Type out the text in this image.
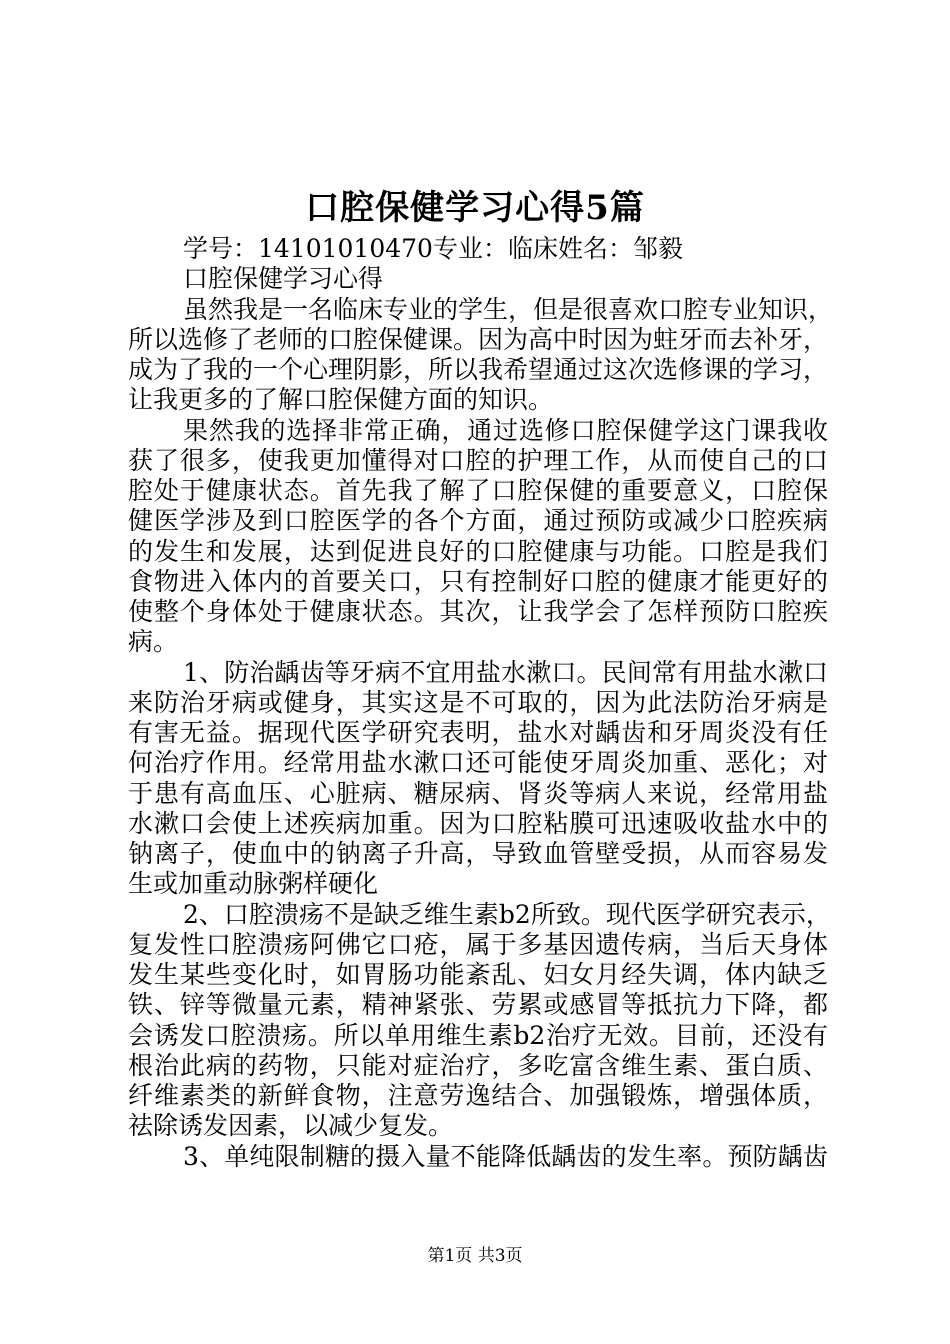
口腔保健学习心得5篇
学号：14101010470专业：临床姓名：邹毅
口腔保健学习心得
虽然我是一名临床专业的学生，但是很喜欢口腔专业知识，
所以选修了老师的口腔保健课。因为高中时因为蛀牙而去补牙，
成为了我的一个心理阴影，所以我希望通过这次选修课的学习，
让我更多的了解口腔保健方面的知识。
果然我的选择非常正确，通过选修口腔保健学这门课我收
获了很多，使我更加懂得对口腔的护理工作，从而使自己的口
腔处于健康状态。首先我了解了口腔保健的重要意义，口腔保
健医学涉及到口腔医学的各个方面，通过预防或减少口腔疾病
的发生和发展，达到促进良好的口腔健康与功能。口腔是我们
食物进入体内的首要关口，只有控制好口腔的健康才能更好的
使整个身体处于健康状态。其次，让我学会了怎样预防口腔疾
病。
1、防治龋齿等牙病不宜用盐水漱口。民间常有用盐水漱口
来防治牙病或健身，其实这是不可取的，因为此法防治牙病是
有害无益。据现代医学研究表明，盐水对龋齿和牙周炎没有任
何治疗作用。经常用盐水漱口还可能使牙周炎加重、恶化；对
于患有高血压、心脏病、糖尿病、肾炎等病人来说，经常用盐
水漱口会使上述疾病加重。因为口腔粘膜可迅速吸收盐水中的
钠离子，使血中的钠离子升高，导致血管壁受损，从而容易发
生或加重动脉粥样硬化
2、口腔溃疡不是缺乏维生素b2所致。现代医学研究表示，
复发性口腔溃疡阿佛它口疮，属于多基因遗传病，当后天身体
发生某些变化时，如胃肠功能紊乱、妇女月经失调，体内缺乏
铁、锌等微量元素，精神紧张、劳累或感冒等抵抗力下降，都
会诱发口腔溃疡。所以单用维生素b2治疗无效。目前，还没有
根治此病的药物，只能对症治疗，多吃富含维生素、蛋白质、
纤维素类的新鲜食物，注意劳逸结合、加强锻炼，增强体质，
祛除诱发因素，以减少复发。
3、单纯限制糖的摄入量不能降低龋齿的发生率。预防龋齿
第1页 共3页
